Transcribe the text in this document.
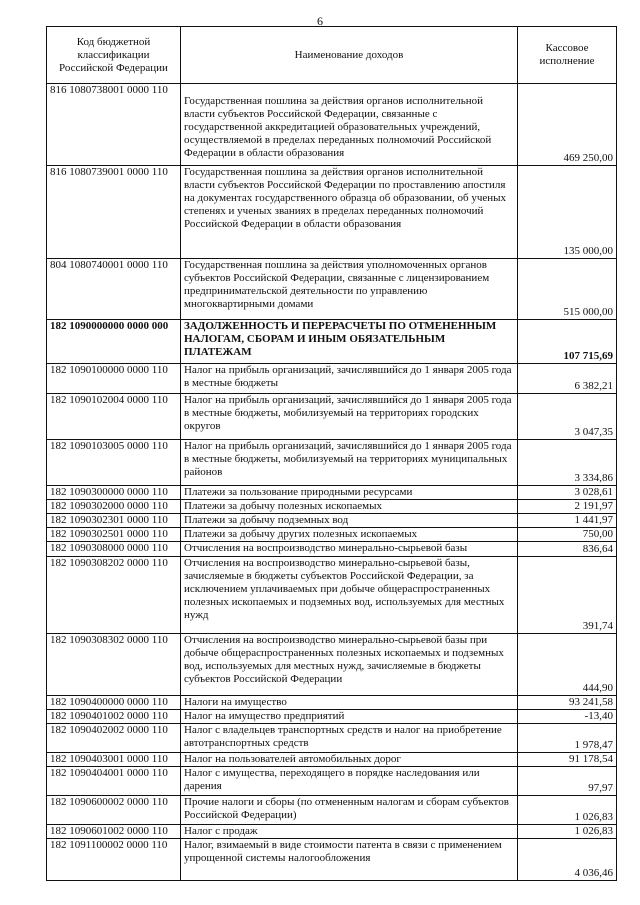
6
Код бюджетной классификации Российской Федерации	Наименование доходов	Кассовое исполнение
816 1080738001 0000 110	Государственная пошлина за действия органов исполнительной власти субъектов Российской Федерации, связанные с государственной аккредитацией образовательных учреждений, осуществляемой в пределах переданных полномочий Российской Федерации в области образования	469 250,00
816 1080739001 0000 110	Государственная пошлина за действия органов исполнительной власти субъектов Российской Федерации по проставлению апостиля на документах государственного образца об образовании, об ученых степенях и ученых званиях в пределах переданных полномочий Российской Федерации в области образования	135 000,00
804 1080740001 0000 110	Государственная пошлина за действия уполномоченных органов субъектов Российской Федерации, связанные с лицензированием предпринимательской деятельности по управлению многоквартирными домами	515 000,00
182 1090000000 0000 000	ЗАДОЛЖЕННОСТЬ И ПЕРЕРАСЧЕТЫ ПО ОТМЕНЕННЫМ НАЛОГАМ, СБОРАМ И ИНЫМ ОБЯЗАТЕЛЬНЫМ ПЛАТЕЖАМ	107 715,69
182 1090100000 0000 110	Налог на прибыль организаций, зачислявшийся до 1 января 2005 года в местные бюджеты	6 382,21
182 1090102004 0000 110	Налог на прибыль организаций, зачислявшийся до 1 января 2005 года в местные бюджеты, мобилизуемый на территориях городских округов	3 047,35
182 1090103005 0000 110	Налог на прибыль организаций, зачислявшийся до 1 января 2005 года в местные бюджеты, мобилизуемый на территориях муниципальных районов	3 334,86
182 1090300000 0000 110	Платежи за пользование природными ресурсами	3 028,61
182 1090302000 0000 110	Платежи за добычу полезных ископаемых	2 191,97
182 1090302301 0000 110	Платежи за добычу подземных вод	1 441,97
182 1090302501 0000 110	Платежи за добычу других полезных ископаемых	750,00
182 1090308000 0000 110	Отчисления на воспроизводство минерально-сырьевой базы	836,64
182 1090308202 0000 110	Отчисления на воспроизводство минерально-сырьевой базы, зачисляемые в бюджеты субъектов Российской Федерации, за исключением уплачиваемых при добыче общераспространенных полезных ископаемых и подземных вод, используемых для местных нужд	391,74
182 1090308302 0000 110	Отчисления на воспроизводство минерально-сырьевой базы при добыче общераспространенных полезных ископаемых и подземных вод, используемых для местных нужд, зачисляемые в бюджеты субъектов Российской Федерации	444,90
182 1090400000 0000 110	Налоги на имущество	93 241,58
182 1090401002 0000 110	Налог на имущество предприятий	-13,40
182 1090402002 0000 110	Налог с владельцев транспортных средств и налог на приобретение автотранспортных средств	1 978,47
182 1090403001 0000 110	Налог на пользователей автомобильных дорог	91 178,54
182 1090404001 0000 110	Налог с имущества, переходящего в порядке наследования или дарения	97,97
182 1090600002 0000 110	Прочие налоги и сборы (по отмененным налогам и сборам субъектов Российской Федерации)	1 026,83
182 1090601002 0000 110	Налог с продаж	1 026,83
182 1091100002 0000 110	Налог, взимаемый в виде стоимости патента в связи с применением упрощенной системы налогообложения	4 036,46
